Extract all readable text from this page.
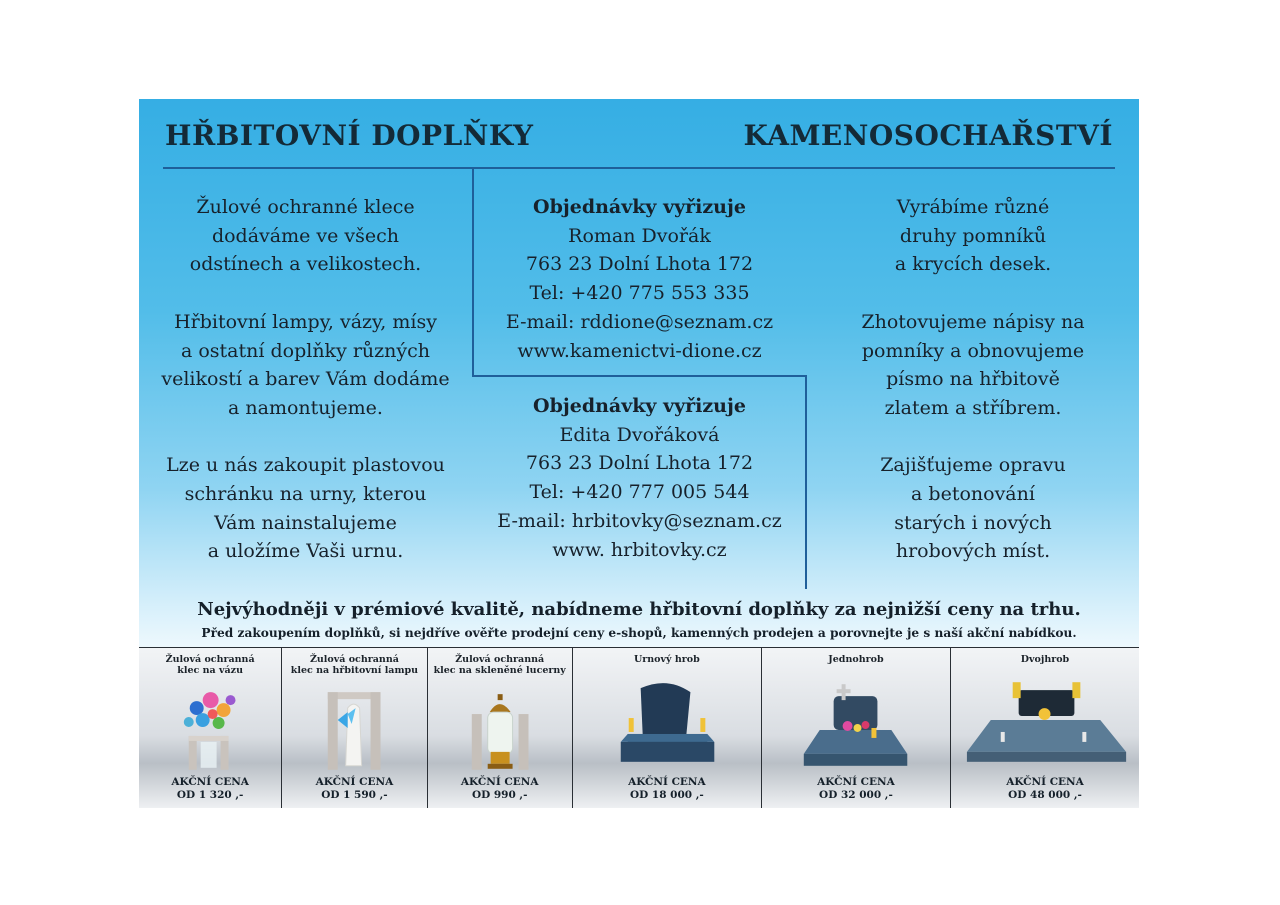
HŘBITOVNÍ DOPLŇKY	KAMENOSOCHAŘSTVÍ

Žulové ochranné klece

dodáváme ve všech

odstínech a velikostech.

Hřbitovní lampy, vázy, mísy

a ostatní doplňky různých

velikostí a barev Vám dodáme

a namontujeme.

Lze u nás zakoupit plastovou

schránku na urny, kterou

Vám nainstalujeme

a uložíme Vaši urnu.

Objednávky vyřizuje

Roman Dvořák

763 23 Dolní Lhota 172

Tel: +420 775 553 335

E-mail: rddione@seznam.cz

www.kamenictvi-dione.cz

Objednávky vyřizuje

Edita Dvořáková

763 23 Dolní Lhota 172

Tel: +420 777 005 544

E-mail: hrbitovky@seznam.cz

www. hrbitovky.cz

Vyrábíme různé

druhy pomníků

a krycích desek.

Zhotovujeme nápisy na

pomníky a obnovujeme

písmo na hřbitově

zlatem a stříbrem.

Zajišťujeme opravu

a betonování

starých i nových

hrobových míst.

Nejvýhodněji v prémiové kvalitě, nabídneme hřbitovní doplňky za nejnižší ceny na trhu.
Před zakoupením doplňků, si nejdříve ověřte prodejní ceny e-shopů, kamenných prodejen a porovnejte je s naší akční nabídkou.
Žulová ochranná
klec na vázu
AKČNÍ CENA
OD 1 320 ,-
Žulová ochranná
klec na hřbitovní lampu
AKČNÍ CENA
OD 1 590 ,-
Žulová ochranná
klec na skleněné lucerny
AKČNÍ CENA
OD 990 ,-
Urnový hrob
AKČNÍ CENA
OD 18 000 ,-
Jednohrob
AKČNÍ CENA
OD 32 000 ,-
Dvojhrob
AKČNÍ CENA
OD 48 000 ,-
